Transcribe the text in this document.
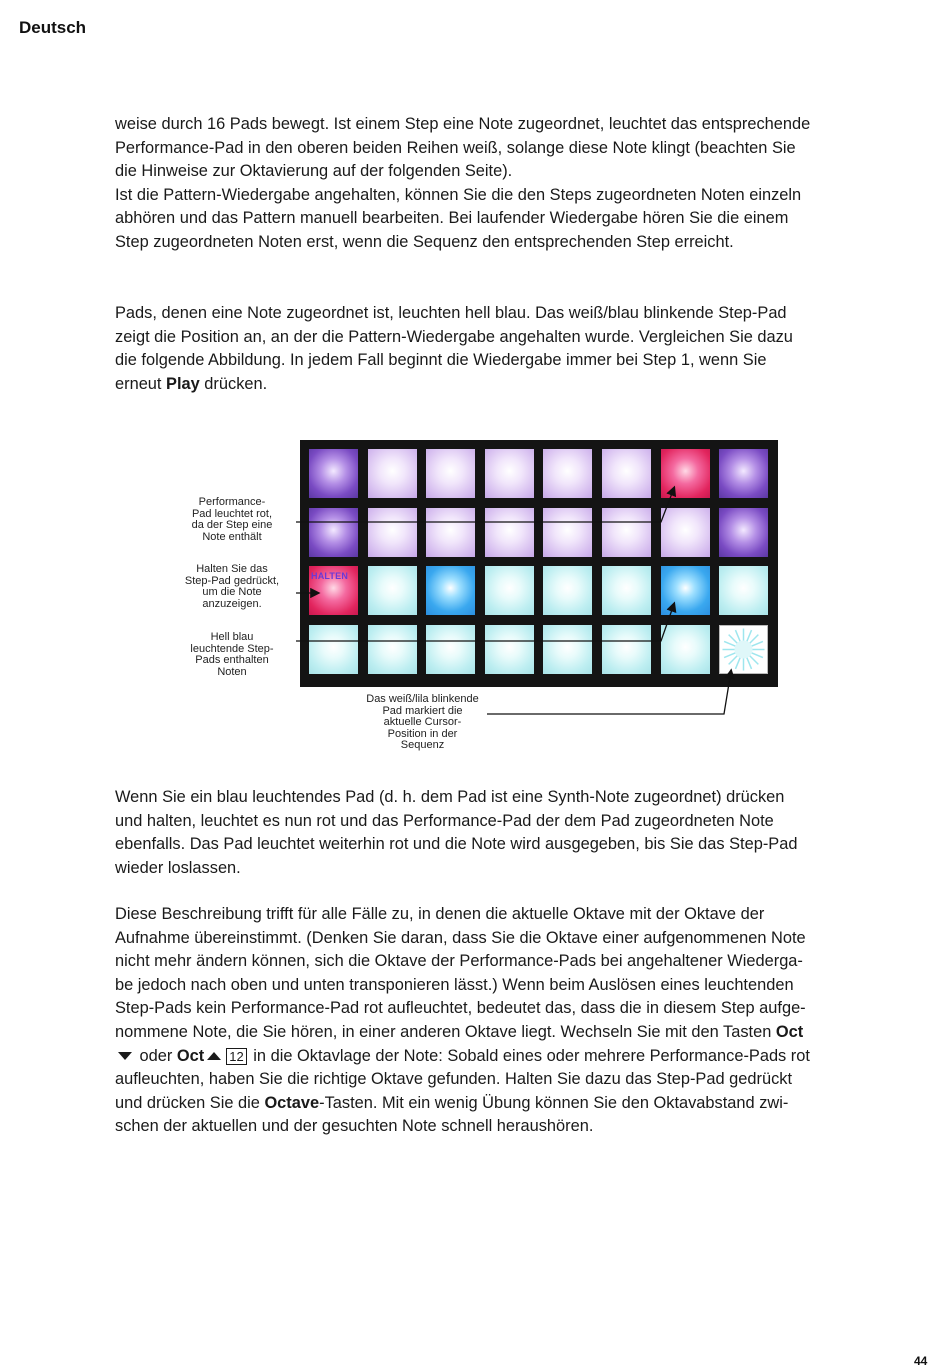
Deutsch

weise durch 16 Pads bewegt. Ist einem Step eine Note zugeordnet, leuchtet das entsprechende

Performance-Pad in den oberen beiden Reihen weiß, solange diese Note klingt (beachten Sie

die Hinweise zur Oktavierung auf der folgenden Seite).

Ist die Pattern-Wiedergabe angehalten, können Sie die den Steps zugeordneten Noten einzeln

abhören und das Pattern manuell bearbeiten. Bei laufender Wiedergabe hören Sie die einem

Step zugeordneten Noten erst, wenn die Sequenz den entsprechenden Step erreicht.

Pads, denen eine Note zugeordnet ist, leuchten hell blau. Das weiß/blau blinkende Step-Pad

zeigt die Position an, an der die Pattern-Wiedergabe angehalten wurde. Vergleichen Sie dazu

die folgende Abbildung. In jedem Fall beginnt die Wiedergabe immer bei Step 1, wenn Sie

erneut Play drücken.

HALTEN
Performance-
Pad leuchtet rot,
da der Step eine
Note enthält
Halten Sie das
Step-Pad gedrückt,
um die Note
anzuzeigen.
Hell blau
leuchtende Step-
Pads enthalten
Noten
Das weiß/lila blinkende
Pad markiert die
aktuelle Cursor-
Position in der
Sequenz

Wenn Sie ein blau leuchtendes Pad (d. h. dem Pad ist eine Synth-Note zugeordnet) drücken

und halten, leuchtet es nun rot und das Performance-Pad der dem Pad zugeordneten Note

ebenfalls. Das Pad leuchtet weiterhin rot und die Note wird ausgegeben, bis Sie das Step-Pad

wieder loslassen.

Diese Beschreibung trifft für alle Fälle zu, in denen die aktuelle Oktave mit der Oktave der

Aufnahme übereinstimmt. (Denken Sie daran, dass Sie die Oktave einer aufgenommenen Note

nicht mehr ändern können, sich die Oktave der Performance-Pads bei angehaltener Wiederga-

be jedoch nach oben und unten transponieren lässt.) Wenn beim Auslösen eines leuchtenden

Step-Pads kein Performance-Pad rot aufleuchtet, bedeutet das, dass die in diesem Step aufge-

nommene Note, die Sie hören, in einer anderen Oktave liegt. Wechseln Sie mit den Tasten Oct

oder Oct 12 in die Oktavlage der Note: Sobald eines oder mehrere Performance-Pads rot

aufleuchten, haben Sie die richtige Oktave gefunden. Halten Sie dazu das Step-Pad gedrückt

und drücken Sie die Octave-Tasten. Mit ein wenig Übung können Sie den Oktavabstand zwi-

schen der aktuellen und der gesuchten Note schnell heraushören.

44
